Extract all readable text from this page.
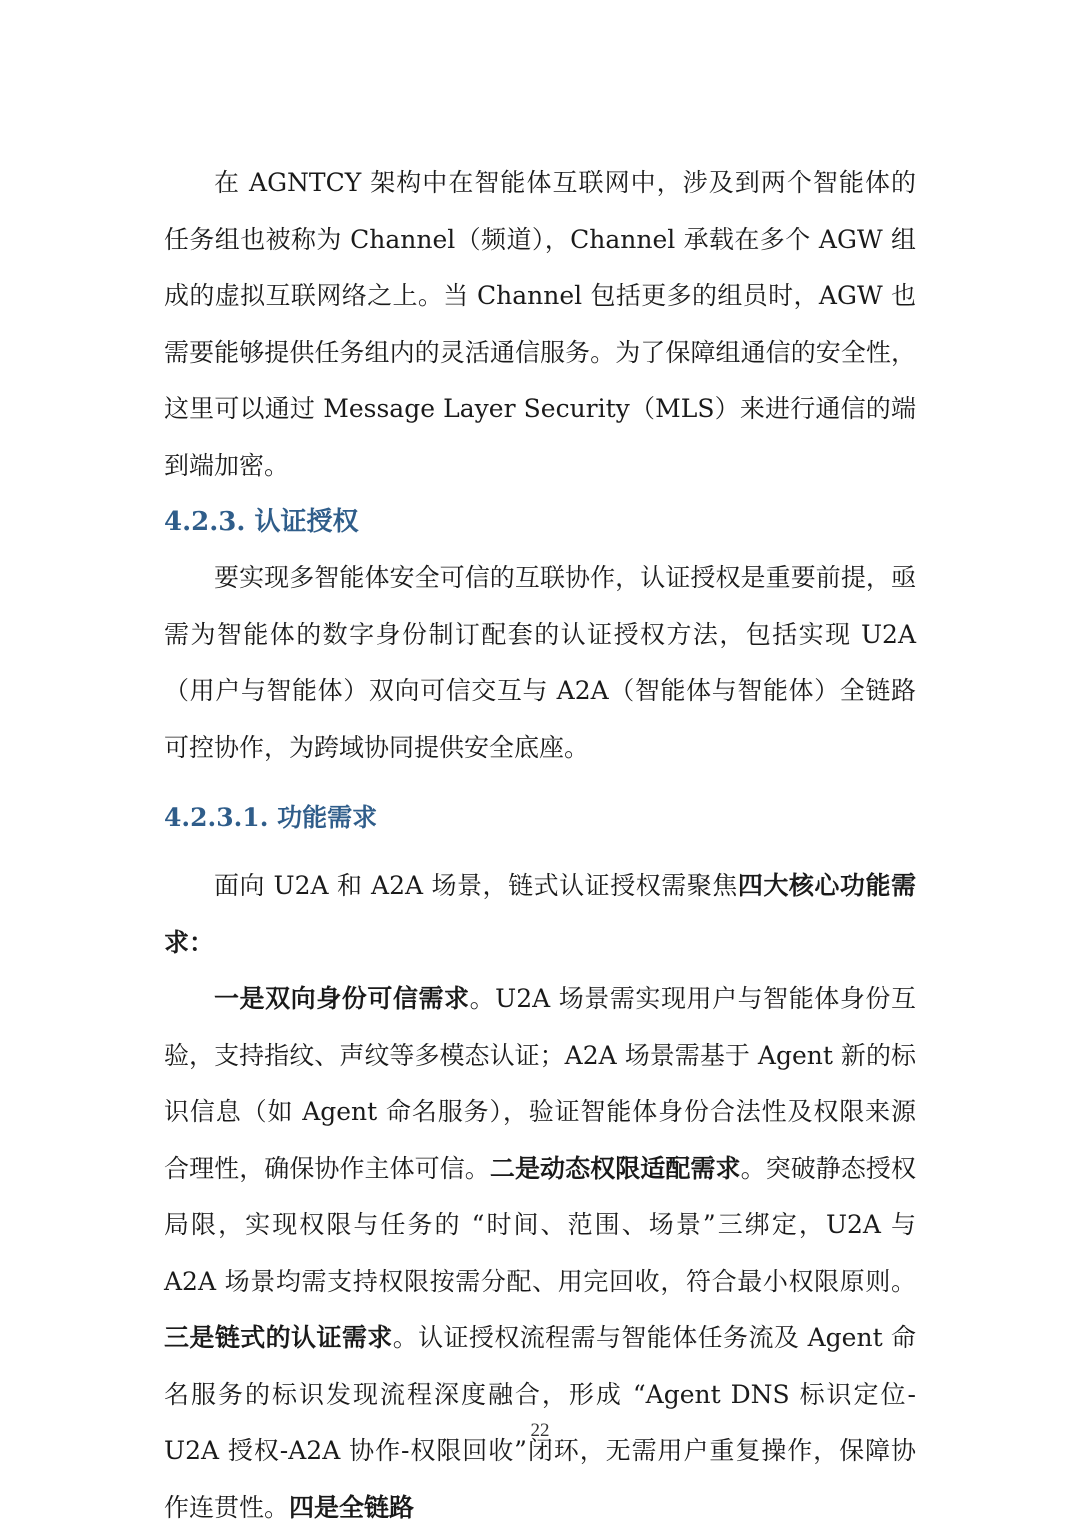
在 AGNTCY 架构中在智能体互联网中，涉及到两个智能体的任务组也被称为 Channel（频道），Channel 承载在多个 AGW 组成的虚拟互联网络之上。当 Channel 包括更多的组员时，AGW 也需要能够提供任务组内的灵活通信服务。为了保障组通信的安全性，这里可以通过 Message Layer Security（MLS）来进行通信的端到端加密。

4.2.3. 认证授权

要实现多智能体安全可信的互联协作，认证授权是重要前提，亟需为智能体的数字身份制订配套的认证授权方法，包括实现 U2A（用户与智能体）双向可信交互与 A2A（智能体与智能体）全链路可控协作，为跨域协同提供安全底座。

4.2.3.1. 功能需求

面向 U2A 和 A2A 场景，链式认证授权需聚焦四大核心功能需求：

一是双向身份可信需求。U2A 场景需实现用户与智能体身份互验，支持指纹、声纹等多模态认证；A2A 场景需基于 Agent 新的标识信息（如 Agent 命名服务），验证智能体身份合法性及权限来源合理性，确保协作主体可信。二是动态权限适配需求。突破静态授权局限，实现权限与任务的 “时间、范围、场景”三绑定，U2A 与 A2A 场景均需支持权限按需分配、用完回收，符合最小权限原则。三是链式的认证需求。认证授权流程需与智能体任务流及 Agent 命名服务的标识发现流程深度融合，形成 “Agent DNS 标识定位-U2A 授权-A2A 协作-权限回收”闭环，无需用户重复操作，保障协作连贯性。四是全链路

22
